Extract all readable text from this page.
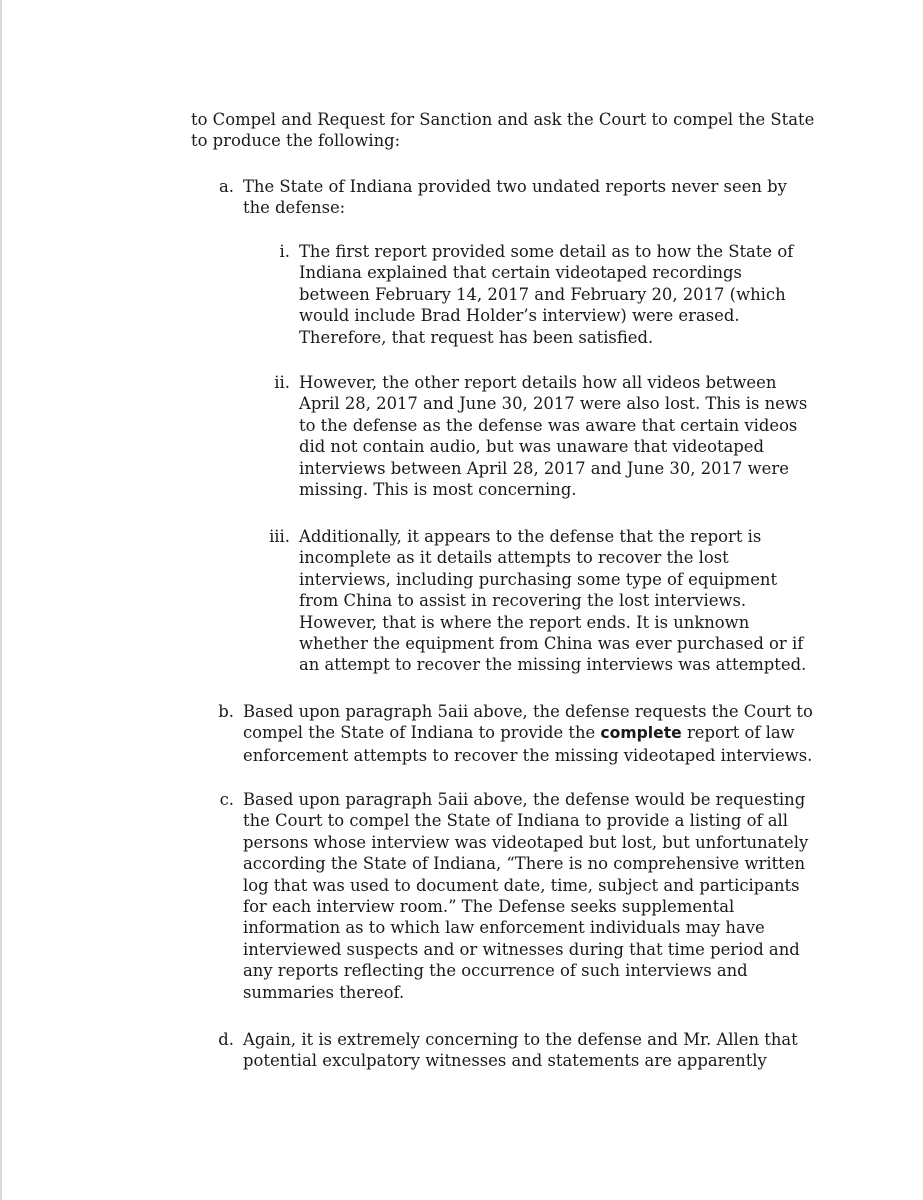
to Compel and Request for Sanction and ask the Court to compel the State
to produce the following:
a. The State of Indiana provided two undated reports never seen by
the defense:
i. The first report provided some detail as to how the State of
Indiana explained that certain videotaped recordings
between February 14, 2017 and February 20, 2017 (which
would include Brad Holder’s interview) were erased.
Therefore, that request has been satisfied.
ii. However, the other report details how all videos between
April 28, 2017 and June 30, 2017 were also lost. This is news
to the defense as the defense was aware that certain videos
did not contain audio, but was unaware that videotaped
interviews between April 28, 2017 and June 30, 2017 were
missing. This is most concerning.
iii. Additionally, it appears to the defense that the report is
incomplete as it details attempts to recover the lost
interviews, including purchasing some type of equipment
from China to assist in recovering the lost interviews.
However, that is where the report ends. It is unknown
whether the equipment from China was ever purchased or if
an attempt to recover the missing interviews was attempted.
b. Based upon paragraph 5aii above, the defense requests the Court to
compel the State of Indiana to provide the complete report of law
enforcement attempts to recover the missing videotaped interviews.
c. Based upon paragraph 5aii above, the defense would be requesting
the Court to compel the State of Indiana to provide a listing of all
persons whose interview was videotaped but lost, but unfortunately
according the State of Indiana, “There is no comprehensive written
log that was used to document date, time, subject and participants
for each interview room.” The Defense seeks supplemental
information as to which law enforcement individuals may have
interviewed suspects and or witnesses during that time period and
any reports reflecting the occurrence of such interviews and
summaries thereof.
d. Again, it is extremely concerning to the defense and Mr. Allen that
potential exculpatory witnesses and statements are apparently
